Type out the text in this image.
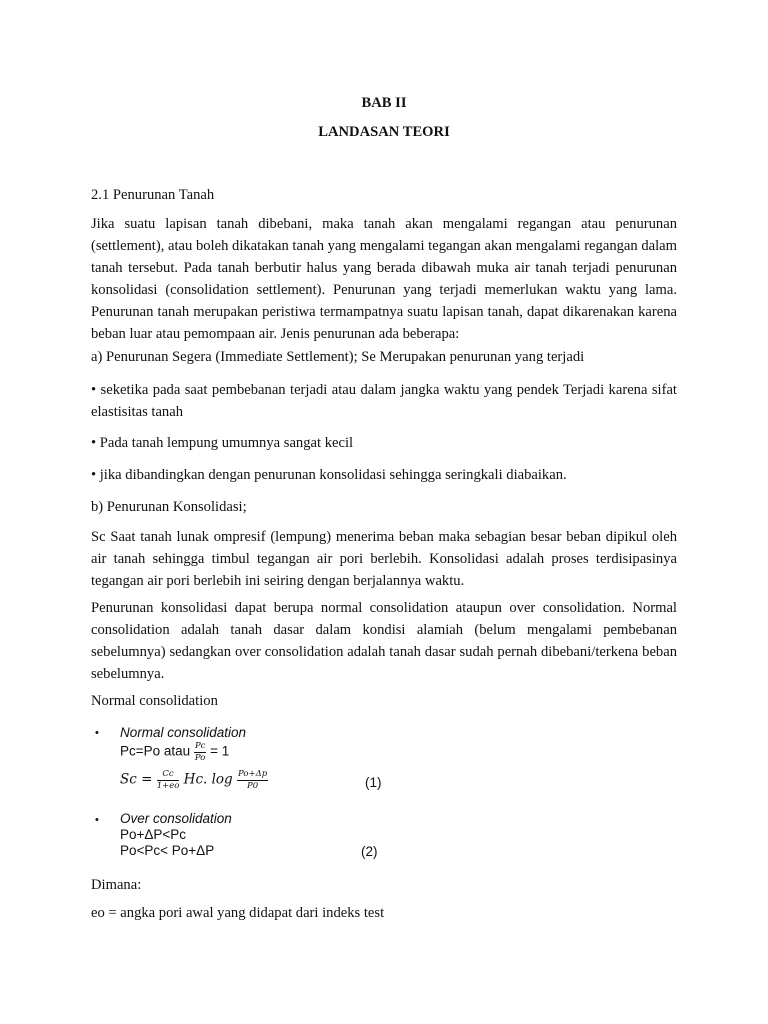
BAB II
LANDASAN TEORI

2.1 Penurunan Tanah

Jika suatu lapisan tanah dibebani, maka tanah akan mengalami regangan atau penurunan (settlement), atau boleh dikatakan tanah yang mengalami tegangan akan mengalami regangan dalam tanah tersebut. Pada tanah berbutir halus yang berada dibawah muka air tanah terjadi penurunan konsolidasi (consolidation settlement). Penurunan yang terjadi memerlukan waktu yang lama. Penurunan tanah merupakan peristiwa termampatnya suatu lapisan tanah, dapat dikarenakan karena beban luar atau pemompaan air. Jenis penurunan ada beberapa:

a) Penurunan Segera (Immediate Settlement); Se Merupakan penurunan yang terjadi

• seketika pada saat pembebanan terjadi atau dalam jangka waktu yang pendek Terjadi karena sifat elastisitas tanah

• Pada tanah lempung umumnya sangat kecil

• jika dibandingkan dengan penurunan konsolidasi sehingga seringkali diabaikan.

b) Penurunan Konsolidasi;

Sc Saat tanah lunak ompresif (lempung) menerima beban maka sebagian besar beban dipikul oleh air tanah sehingga timbul tegangan air pori berlebih. Konsolidasi adalah proses terdisipasinya tegangan air pori berlebih ini seiring dengan berjalannya waktu.

Penurunan konsolidasi dapat berupa normal consolidation ataupun over consolidation. Normal consolidation adalah tanah dasar dalam kondisi alamiah (belum mengalami pembebanan sebelumnya) sedangkan over consolidation adalah tanah dasar sudah pernah dibebani/terkena beban sebelumnya.

Normal consolidation

• Normal consolidation
Pc=Po atau $\frac{Pc}{Po} = 1$
$Sc = \frac{Cc}{1+eo} Hc$. $\log \frac{Po+\Delta p}{P0}$	(1)
• Over consolidation
Po+ΔP<Pc
Po<Pc< Po+ΔP	(2)

Dimana:

eo = angka pori awal yang didapat dari indeks test
